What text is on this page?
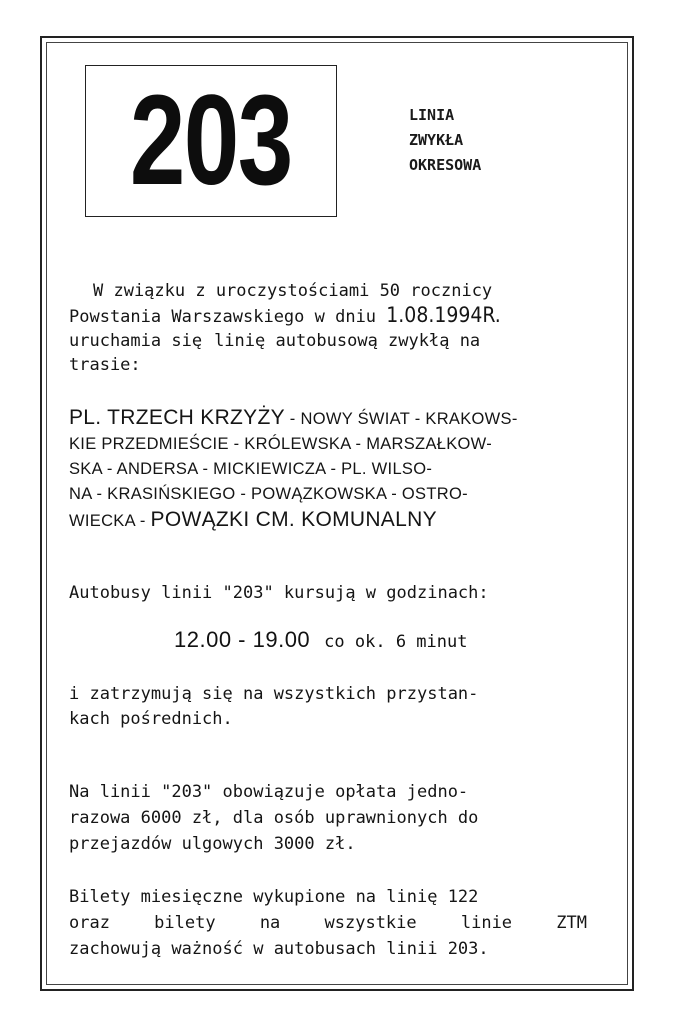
203	LINIA
ZWYKŁA
OKRESOWA
W związku z uroczystościami 50 rocznicy
Powstania Warszawskiego w dniu 1.08.1994R.
uruchamia się linię autobusową zwykłą na
trasie:
PL. TRZECH KRZYŻY - NOWY ŚWIAT - KRAKOWS-
KIE PRZEDMIEŚCIE - KRÓLEWSKA - MARSZAŁKOW-
SKA - ANDERSA - MICKIEWICZA - PL. WILSO-
NA - KRASIŃSKIEGO - POWĄZKOWSKA - OSTRO-
WIECKA - POWĄZKI CM. KOMUNALNY
Autobusy linii "203" kursują w godzinach:
12.00 - 19.00 co ok. 6 minut
i zatrzymują się na wszystkich przystan-
kach pośrednich.
Na linii "203" obowiązuje opłata jedno-
razowa 6000 zł, dla osób uprawnionych do
przejazdów ulgowych 3000 zł.
Bilety miesięczne wykupione na linię 122
oraz	bilety	na	wszystkie	linie	ZTM
zachowują ważność w autobusach linii 203.
